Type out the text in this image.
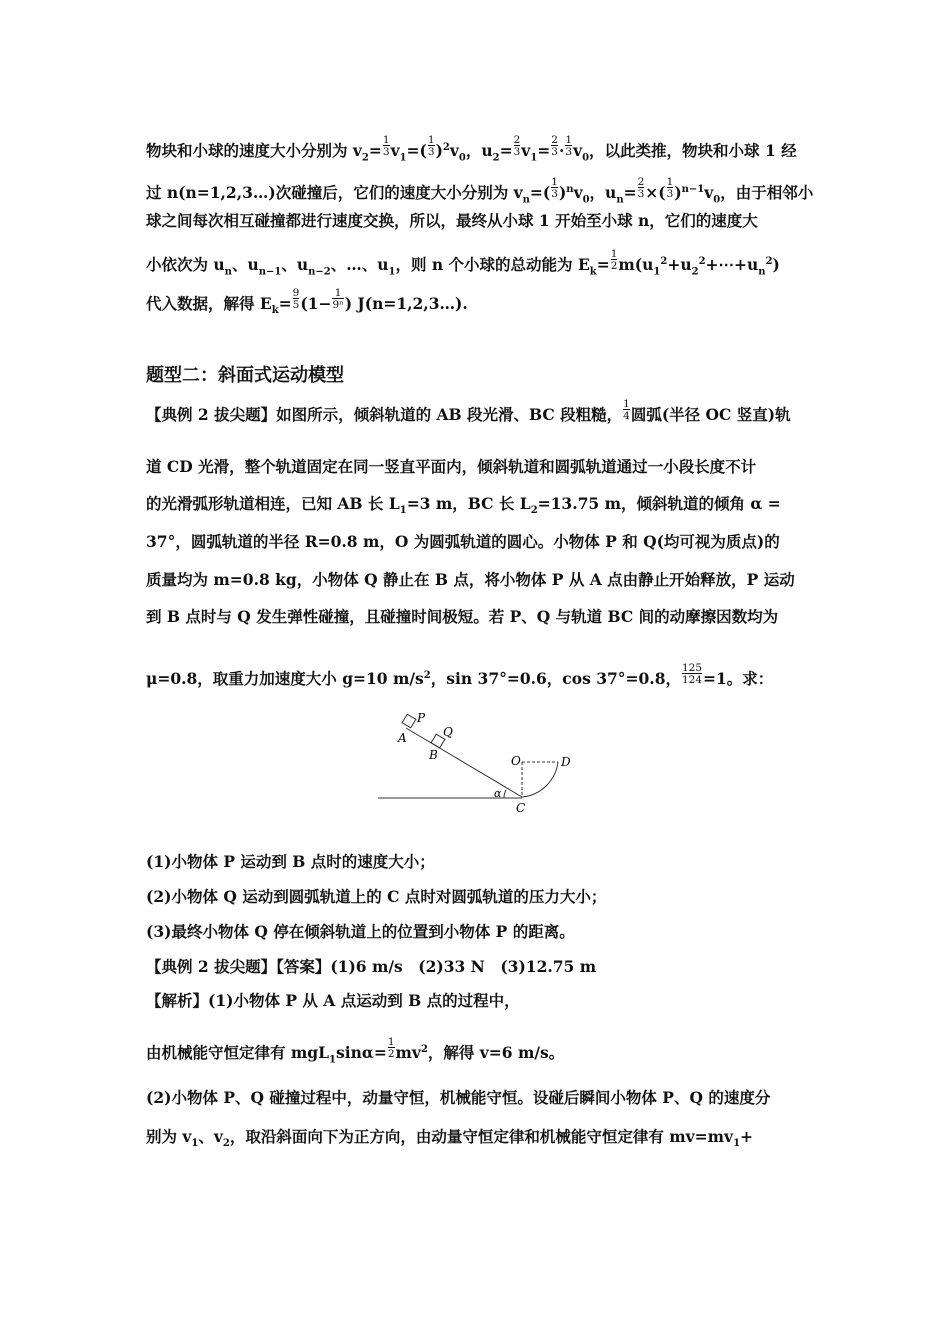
物块和小球的速度大小分别为 $v_2= \frac{1}{3} v_1=( \frac{1}{3} )^2v_0$，$u_2= \frac{2}{3} v_1= \frac{2}{3} \cdot \frac{1}{3} v_0$，以此类推，物块和小球 1 经
过 n(n=1,2,3…)次碰撞后，它们的速度大小分别为 $v_n=( \frac{1}{3} )^nv_0$，$u_n= \frac{2}{3}$ ×( $\frac{1}{3} )^{n-1}v_0$，由于相邻小
球之间每次相互碰撞都进行速度交换，所以，最终从小球 1 开始至小球 n，它们的速度大
小依次为 $u_n$、$u_{n-1}$、$u_{n-2}$、…、$u_1$，则 n 个小球的总动能为 $E_k= \frac{1}{2}$ $m(u_1^2+u_2^2+\cdots+u_n^2)$
代入数据，解得 $E_k= \frac{9}{5} (1- \frac{1}{\text{9ⁿ}}$ ) J(n=1,2,3…).
题型二：斜面式运动模型
【典例 2 拔尖题】如图所示，倾斜轨道的 AB 段光滑、BC 段粗糙， $\frac{1}{4}$ 圆弧(半径 OC 竖直)轨
道 CD 光滑，整个轨道固定在同一竖直平面内，倾斜轨道和圆弧轨道通过一小段长度不计
的光滑弧形轨道相连，已知 AB 长 $L_1=3$ m，BC 长 $L_2=13.75$ m，倾斜轨道的倾角 α =
37°，圆弧轨道的半径 R=0.8 m，O 为圆弧轨道的圆心。小物体 P 和 Q(均可视为质点)的
质量均为 m=0.8 kg，小物体 Q 静止在 B 点，将小物体 P 从 A 点由静止开始释放，P 运动
到 B 点时与 Q 发生弹性碰撞，且碰撞时间极短。若 P、Q 与轨道 BC 间的动摩擦因数均为
μ=0.8，取重力加速度大小 g=10 $m/s^2$，sin 37°=0.6，cos 37°=0.8， $\frac{125}{124} =1$。求：
P
A	Q
B	O	D
C
α
(1)小物体 P 运动到 B 点时的速度大小；
(2)小物体 Q 运动到圆弧轨道上的 C 点时对圆弧轨道的压力大小；
(3)最终小物体 Q 停在倾斜轨道上的位置到小物体 P 的距离。
【典例 2 拔尖题】【答案】(1)6 m/s　(2)33 N　(3)12.75 m
【解析】(1)小物体 P 从 A 点运动到 B 点的过程中，
由机械能守恒定律有 $mgL_1\sin\alpha= \frac{1}{2} mv^2$，解得 v=6 m/s。
(2)小物体 P、Q 碰撞过程中，动量守恒，机械能守恒。设碰后瞬间小物体 P、Q 的速度分
别为 $v_1$、$v_2$，取沿斜面向下为正方向，由动量守恒定律和机械能守恒定律有 $mv=mv_1+$
